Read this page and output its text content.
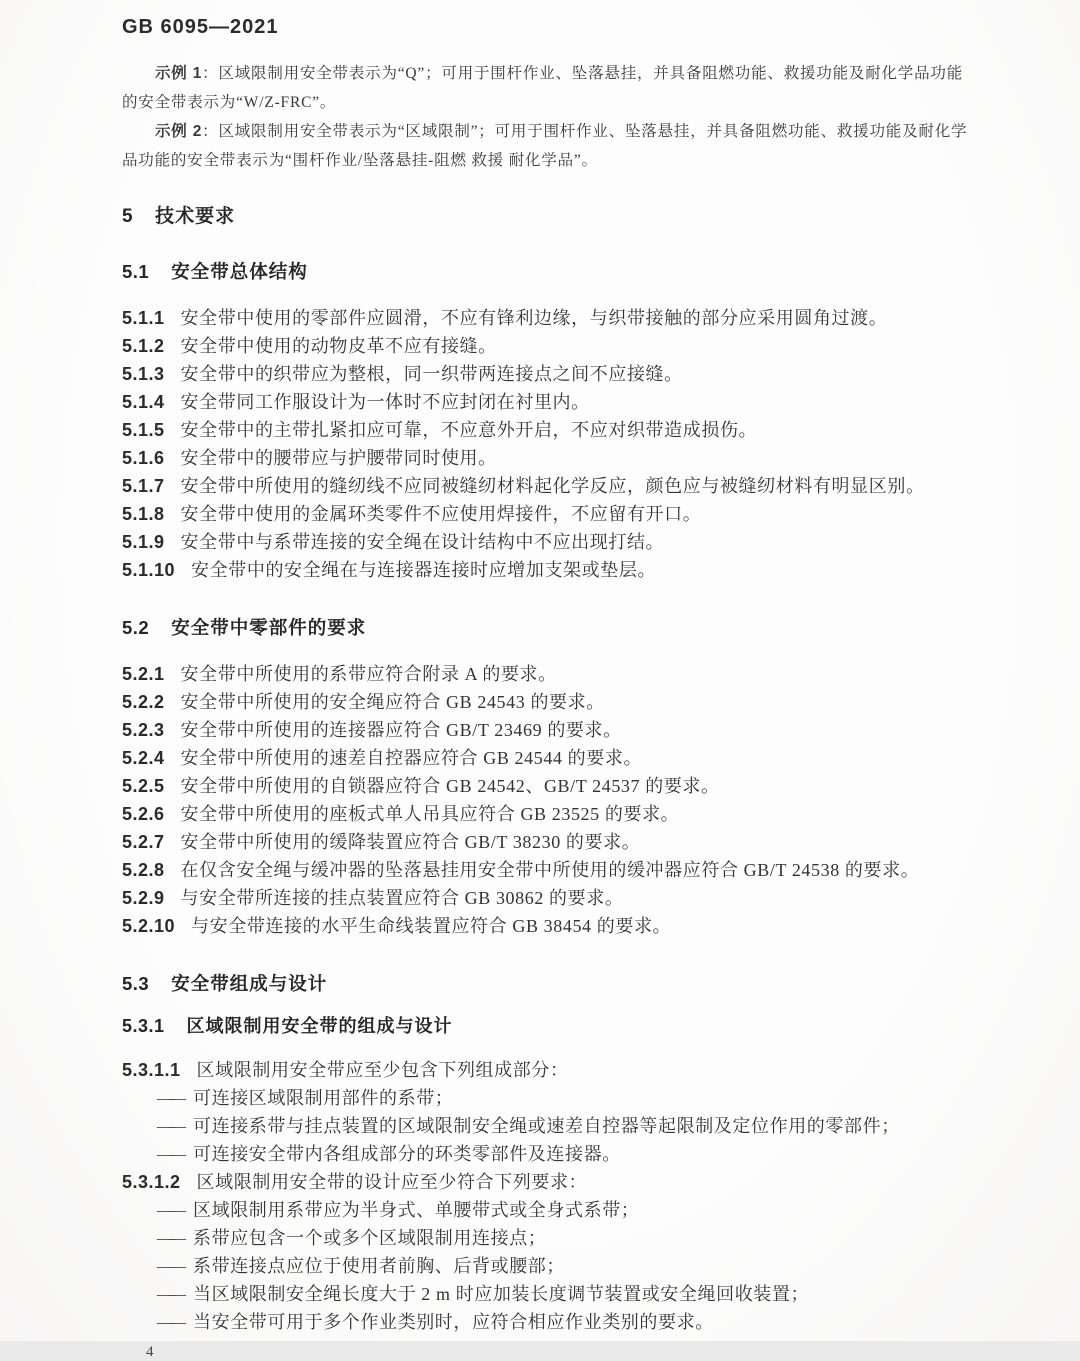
GB 6095—2021

示例 1：区域限制用安全带表示为“Q”；可用于围杆作业、坠落悬挂，并具备阻燃功能、救援功能及耐化学品功能的安全带表示为“W/Z-FRC”。

示例 2：区域限制用安全带表示为“区域限制”；可用于围杆作业、坠落悬挂，并具备阻燃功能、救援功能及耐化学品功能的安全带表示为“围杆作业/坠落悬挂-阻燃 救援 耐化学品”。

5 技术要求
5.1 安全带总体结构

5.1.1 安全带中使用的零部件应圆滑，不应有锋利边缘，与织带接触的部分应采用圆角过渡。

5.1.2 安全带中使用的动物皮革不应有接缝。

5.1.3 安全带中的织带应为整根，同一织带两连接点之间不应接缝。

5.1.4 安全带同工作服设计为一体时不应封闭在衬里内。

5.1.5 安全带中的主带扎紧扣应可靠，不应意外开启，不应对织带造成损伤。

5.1.6 安全带中的腰带应与护腰带同时使用。

5.1.7 安全带中所使用的缝纫线不应同被缝纫材料起化学反应，颜色应与被缝纫材料有明显区别。

5.1.8 安全带中使用的金属环类零件不应使用焊接件，不应留有开口。

5.1.9 安全带中与系带连接的安全绳在设计结构中不应出现打结。

5.1.10 安全带中的安全绳在与连接器连接时应增加支架或垫层。

5.2 安全带中零部件的要求

5.2.1 安全带中所使用的系带应符合附录 A 的要求。

5.2.2 安全带中所使用的安全绳应符合 GB 24543 的要求。

5.2.3 安全带中所使用的连接器应符合 GB/T 23469 的要求。

5.2.4 安全带中所使用的速差自控器应符合 GB 24544 的要求。

5.2.5 安全带中所使用的自锁器应符合 GB 24542、GB/T 24537 的要求。

5.2.6 安全带中所使用的座板式单人吊具应符合 GB 23525 的要求。

5.2.7 安全带中所使用的缓降装置应符合 GB/T 38230 的要求。

5.2.8 在仅含安全绳与缓冲器的坠落悬挂用安全带中所使用的缓冲器应符合 GB/T 24538 的要求。

5.2.9 与安全带所连接的挂点装置应符合 GB 30862 的要求。

5.2.10 与安全带连接的水平生命线装置应符合 GB 38454 的要求。

5.3 安全带组成与设计
5.3.1 区域限制用安全带的组成与设计

5.3.1.1 区域限制用安全带应至少包含下列组成部分：

—— 可连接区域限制用部件的系带；

—— 可连接系带与挂点装置的区域限制安全绳或速差自控器等起限制及定位作用的零部件；

—— 可连接安全带内各组成部分的环类零部件及连接器。

5.3.1.2 区域限制用安全带的设计应至少符合下列要求：

—— 区域限制用系带应为半身式、单腰带式或全身式系带；

—— 系带应包含一个或多个区域限制用连接点；

—— 系带连接点应位于使用者前胸、后背或腰部；

—— 当区域限制安全绳长度大于 2 m 时应加装长度调节装置或安全绳回收装置；

—— 当安全带可用于多个作业类别时，应符合相应作业类别的要求。

4
